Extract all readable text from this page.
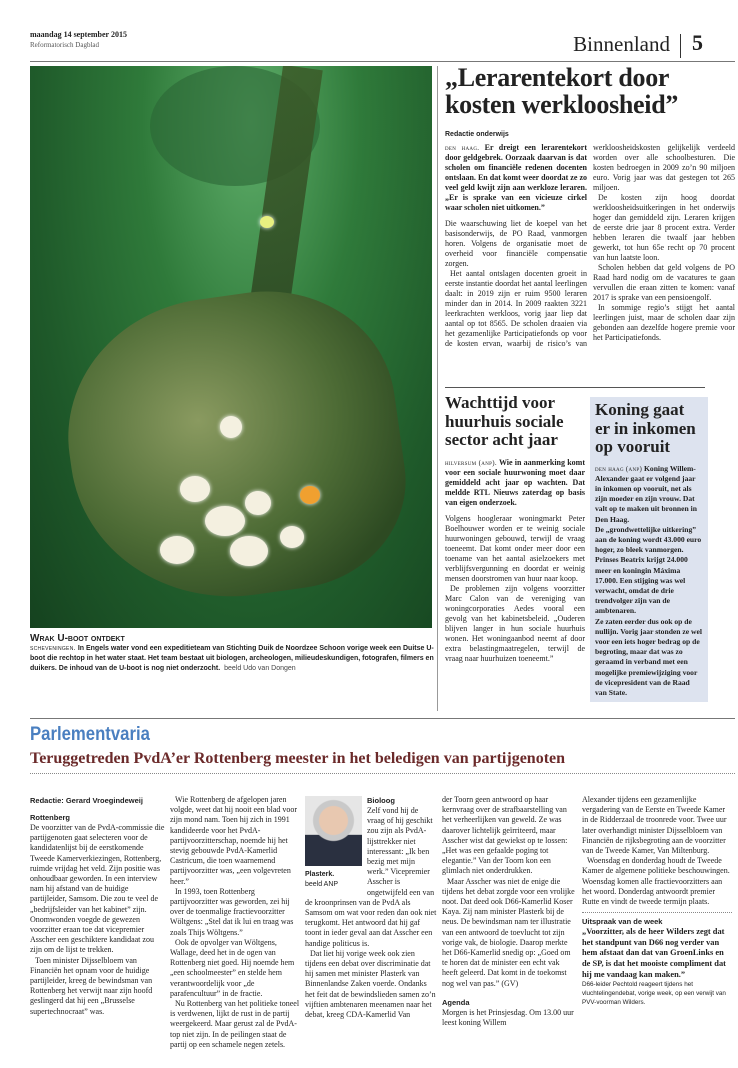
maandag 14 september 2015
Reformatorisch Dagblad	Binnenland 5
„Lerarentekort door kosten werkloosheid”
Redactie onderwijs

den haag. Er dreigt een lerarentekort door geldgebrek. Oorzaak daarvan is dat scholen om financiële redenen docenten ontslaan. En dat komt weer doordat ze zo veel geld kwijt zijn aan werkloze leraren. „Er is sprake van een vicieuze cirkel waar scholen niet uitkomen.”

Die waarschuwing liet de koepel van het basisonderwijs, de PO Raad, vanmorgen horen. Volgens de organisatie moet de overheid voor financiële compensatie zorgen.

Het aantal ontslagen docenten groeit in eerste instantie doordat het aantal leerlingen daalt: in 2019 zijn er ruim 9500 leraren minder dan in 2014. In 2009 raakten 3221 leerkrachten werkloos, vorig jaar liep dat aantal op tot 8565. De scholen draaien via het gezamenlijke Participatiefonds op voor de kosten ervan, waarbij de risico’s van werkloosheidskosten gelijkelijk verdeeld worden over alle schoolbesturen. Die kosten bedroegen in 2009 zo’n 90 miljoen euro. Vorig jaar was dat gestegen tot 265 miljoen.

De kosten zijn hoog doordat werkloosheidsuitkeringen in het onderwijs hoger dan gemiddeld zijn. Leraren krijgen de eerste drie jaar 8 procent extra. Verder hebben leraren die twaalf jaar hebben gewerkt, tot hun 65e recht op 70 procent van hun laatste loon.

Scholen hebben dat geld volgens de PO Raad hard nodig om de vacatures te gaan vervullen die eraan zitten te komen: vanaf 2017 is sprake van een pensioengolf.

In sommige regio’s stijgt het aantal leerlingen juist, maar de scholen daar zijn gebonden aan dezelfde hogere premie voor het Participatiefonds.

Wachttijd voor huurhuis sociale sector acht jaar

hilversum (anp). Wie in aanmerking komt voor een sociale huurwoning moet daar gemiddeld acht jaar op wachten. Dat meldde RTL Nieuws zaterdag op basis van eigen onderzoek.

Volgens hoogleraar woningmarkt Peter Boelhouwer worden er te weinig sociale huurwoningen gebouwd, terwijl de vraag toeneemt. Dat komt onder meer door een toename van het aantal asielzoekers met verblijfsvergunning en doordat er weinig mensen doorstromen van huur naar koop.

De problemen zijn volgens voorzitter Marc Calon van de vereniging van woningcorporaties Aedes vooral een gevolg van het kabinetsbeleid. „Ouderen blijven langer in hun sociale huurhuis wonen. Het woningaanbod neemt af door extra belastingmaatregelen, terwijl de vraag naar huurhuizen toeneemt.”

Koning gaat er in inkomen op vooruit
den haag (anp) Koning Willem-Alexander gaat er volgend jaar in inkomen op vooruit, net als zijn moeder en zijn vrouw. Dat valt op te maken uit bronnen in Den Haag.
De „grondwettelijke uitkering” aan de koning wordt 43.000 euro hoger, zo bleek vanmorgen. Prinses Beatrix krijgt 24.000 meer en koningin Máxima 17.000. Een stijging was wel verwacht, omdat de drie trendvolger zijn van de ambtenaren.
Ze zaten eerder dus ook op de nullijn. Vorig jaar stonden ze wel voor een iets hoger bedrag op de begroting, maar dat was zo geraamd in verband met een mogelijke premiewijziging voor de vicepresident van de Raad van State.
Wrak U-boot ontdekt
scheveningen. In Engels water vond een expeditieteam van Stichting Duik de Noordzee Schoon vorige week een Duitse U-boot die rechtop in het water staat. Het team bestaat uit biologen, archeologen, milieudeskundigen, fotografen, filmers en duikers. De inhoud van de U-boot is nog niet onderzocht. beeld Udo van Dongen
Parlementvaria
Teruggetreden PvdA’er Rottenberg meester in het beledigen van partijgenoten
Redactie: Gerard Vroegindeweij
Rottenberg

De voorzitter van de PvdA-commissie die partijgenoten gaat selecteren voor de kandidatenlijst bij de eerstkomende Tweede Kamerverkiezingen, Rottenberg, ruimde vrijdag het veld. Zijn positie was onhoudbaar geworden. In een interview nam hij afstand van de huidige partijleider, Samsom. Die zou te veel de „bedrijfsleider van het kabinet” zijn. Onomwonden voegde de gewezen voorzitter eraan toe dat vicepremier Asscher een geschiktere kandidaat zou zijn om de lijst te trekken.

Toen minister Dijsselbloem van Financiën het opnam voor de huidige partijleider, kreeg de bewindsman van Rottenberg het verwijt naar zijn hoofd geslingerd dat hij een „Brusselse supertechnocraat” was.

Wie Rottenberg de afgelopen jaren volgde, weet dat hij nooit een blad voor zijn mond nam. Toen hij zich in 1991 kandideerde voor het PvdA-partijvoorzitterschap, noemde hij het stevig gebouwde PvdA-Kamerlid Castricum, die toen waarnemend partijvoorzitter was, „een volgevreten heer.”

In 1993, toen Rottenberg partijvoorzitter was geworden, zei hij over de toenmalige fractievoorzitter Wöltgens: „Stel dat ik lui en traag was zoals Thijs Wöltgens.”

Ook de opvolger van Wöltgens, Wallage, deed het in de ogen van Rottenberg niet goed. Hij noemde hem „een schoolmeester” en stelde hem verantwoordelijk voor „de parafencultuur” in de fractie.

Nu Rottenberg van het politieke toneel is verdwenen, lijkt de rust in de partij weergekeerd. Maar gerust zal de PvdA-top niet zijn. In de peilingen staat de partij op een schamele negen zetels.

Plasterk.
beeld ANP
Bioloog

Zelf vond hij de vraag of hij geschikt zou zijn als PvdA-lijsttrekker niet interessant: „Ik ben bezig met mijn werk.” Vicepremier Asscher is ongetwijfeld een van de kroonprinsen van de PvdA als Samsom om wat voor reden dan ook niet terugkomt. Het antwoord dat hij gaf toont in ieder geval aan dat Asscher een handige politicus is.

Dat liet hij vorige week ook zien tijdens een debat over discriminatie dat hij samen met minister Plasterk van Binnenlandse Zaken voerde. Ondanks het feit dat de bewindslieden samen zo’n vijftien ambtenaren meenamen naar het debat, kreeg CDA-Kamerlid Van

der Toorn geen antwoord op haar kernvraag over de strafbaarstelling van het verheerlijken van geweld. Ze was daarover lichtelijk geïrriteerd, maar Asscher wist dat gewiekst op te lossen: „Het was een gefaalde poging tot elegantie.” Van der Toorn kon een glimlach niet onderdrukken.

Maar Asscher was niet de enige die tijdens het debat zorgde voor een vrolijke noot. Dat deed ook D66-Kamerlid Koser Kaya. Zij nam minister Plasterk bij de neus. De bewindsman nam ter illustratie van een antwoord de toevlucht tot zijn vorige vak, de biologie. Daarop merkte het D66-Kamerlid snedig op: „Goed om te horen dat de minister een echt vak heeft geleerd. Dat komt in de toekomst nog wel van pas.” (GV)

Agenda

Morgen is het Prinsjesdag. Om 13.00 uur leest koning Willem

Alexander tijdens een gezamenlijke vergadering van de Eerste en Tweede Kamer in de Ridderzaal de troonrede voor. Twee uur later overhandigt minister Dijsselbloem van Financiën de rijksbegroting aan de voorzitter van de Tweede Kamer, Van Miltenburg.

Woensdag en donderdag houdt de Tweede Kamer de algemene politieke beschouwingen. Woensdag komen alle fractievoorzitters aan het woord. Donderdag antwoordt premier Rutte en vindt de tweede termijn plaats.

Uitspraak van de week
„Voorzitter, als de heer Wilders zegt dat het standpunt van D66 nog verder van hem afstaat dan dat van GroenLinks en de SP, is dat het mooiste compliment dat hij me vandaag kan maken.”
D66-leider Pechtold reageert tijdens het vluchtelingendebat, vorige week, op een verwijt van PVV-voorman Wilders.
